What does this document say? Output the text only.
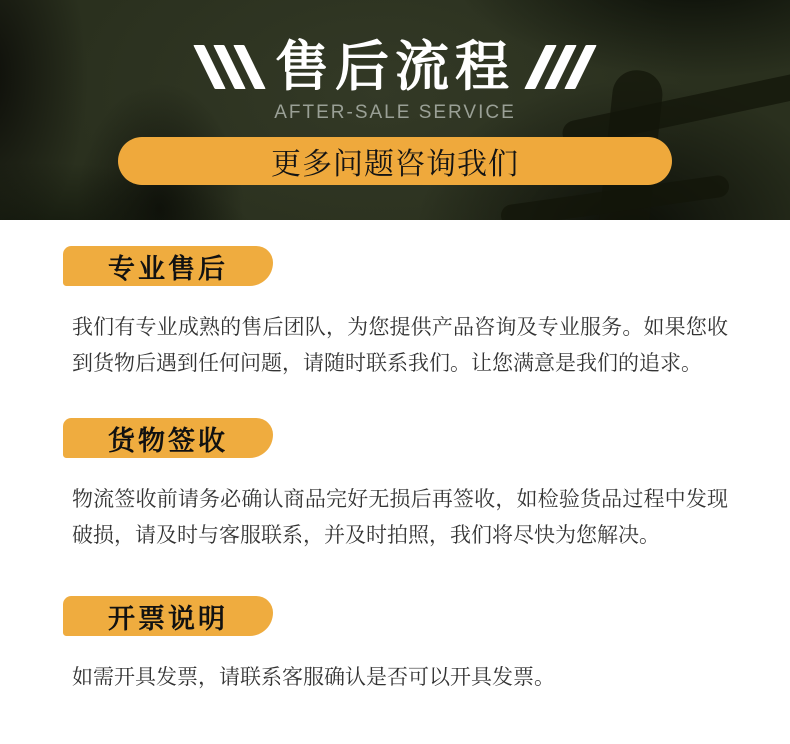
售后流程
AFTER-SALE SERVICE
更多问题咨询我们
专业售后
我们有专业成熟的售后团队，为您提供产品咨询及专业服务。如果您收到货物后遇到任何问题，请随时联系我们。让您满意是我们的追求。
货物签收
物流签收前请务必确认商品完好无损后再签收，如检验货品过程中发现破损，请及时与客服联系，并及时拍照，我们将尽快为您解决。
开票说明
如需开具发票，请联系客服确认是否可以开具发票。
